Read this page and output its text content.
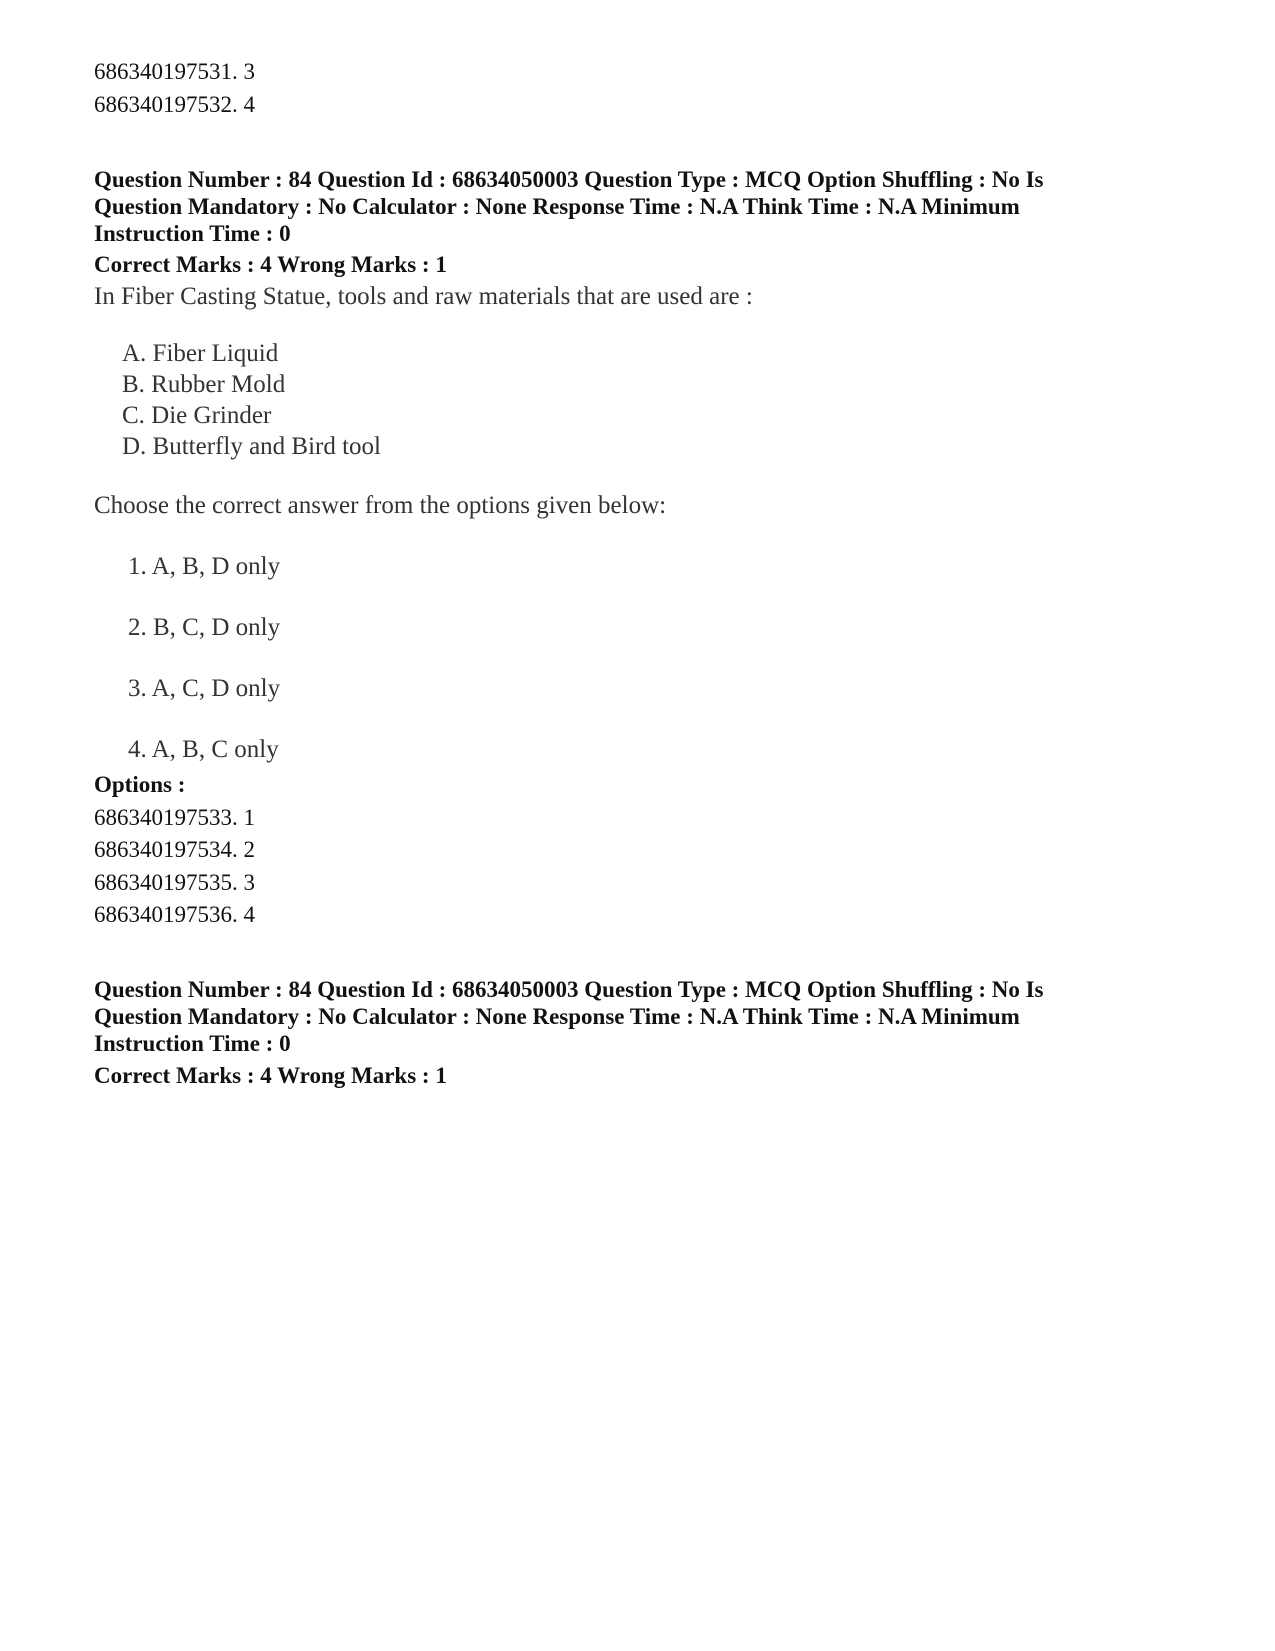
686340197531. 3
686340197532. 4
Question Number : 84 Question Id : 68634050003 Question Type : MCQ Option Shuffling : No Is Question Mandatory : No Calculator : None Response Time : N.A Think Time : N.A Minimum Instruction Time : 0
Correct Marks : 4 Wrong Marks : 1
In Fiber Casting Statue, tools and raw materials that are used are :
A. Fiber Liquid
B. Rubber Mold
C. Die Grinder
D. Butterfly and Bird tool
Choose the correct answer from the options given below:
1. A, B, D only
2. B, C, D only
3. A, C, D only
4. A, B, C only
Options :
686340197533. 1
686340197534. 2
686340197535. 3
686340197536. 4
Question Number : 84 Question Id : 68634050003 Question Type : MCQ Option Shuffling : No Is Question Mandatory : No Calculator : None Response Time : N.A Think Time : N.A Minimum Instruction Time : 0
Correct Marks : 4 Wrong Marks : 1
